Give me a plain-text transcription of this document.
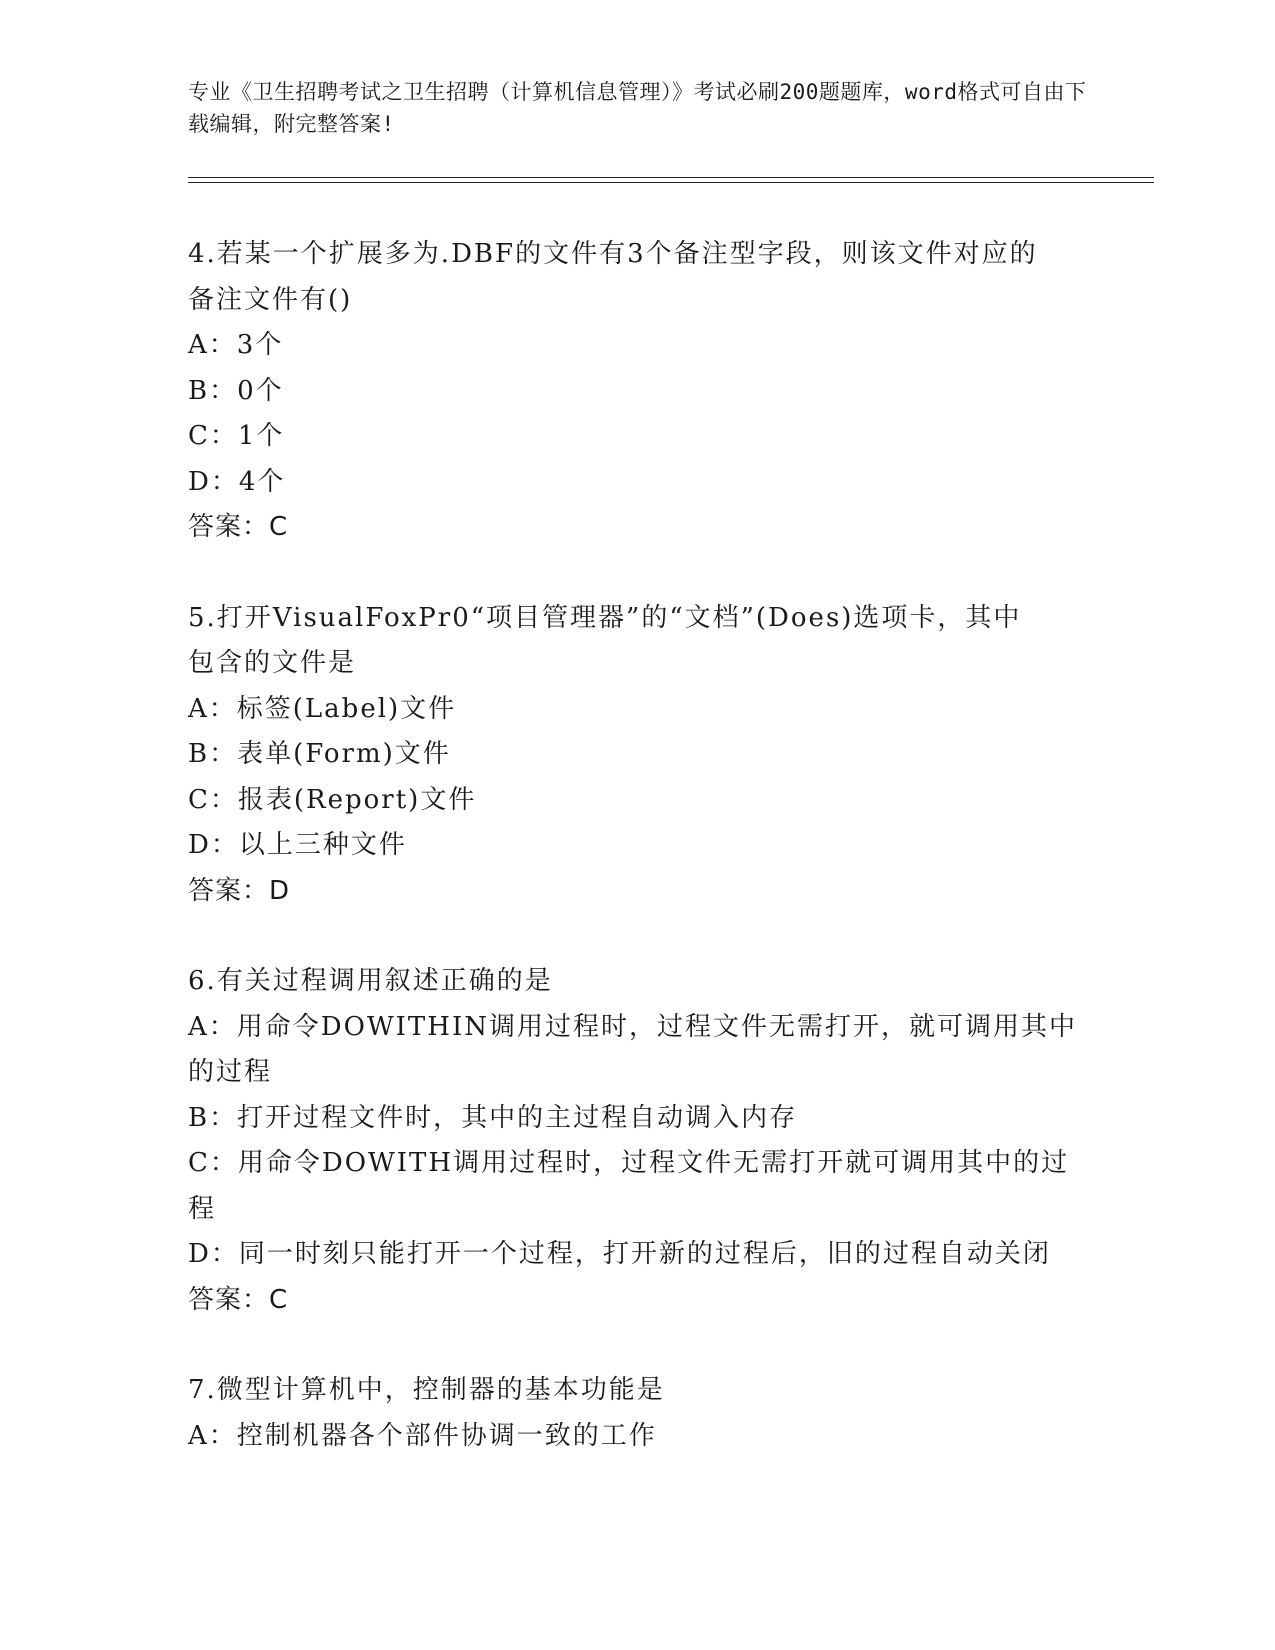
专业《卫生招聘考试之卫生招聘（计算机信息管理）》考试必刷200题题库，word格式可自由下载编辑，附完整答案!
4.若某一个扩展多为.DBF的文件有3个备注型字段，则该文件对应的
备注文件有()
A：3个
B：0个
C：1个
D：4个
答案：C
5.打开VisualFoxPr0“项目管理器”的“文档”(Does)选项卡，其中
包含的文件是
A：标签(Label)文件
B：表单(Form)文件
C：报表(Report)文件
D：以上三种文件
答案：D
6.有关过程调用叙述正确的是
A：用命令DOWITHIN调用过程时，过程文件无需打开，就可调用其中
的过程
B：打开过程文件时，其中的主过程自动调入内存
C：用命令DOWITH调用过程时，过程文件无需打开就可调用其中的过
程
D：同一时刻只能打开一个过程，打开新的过程后，旧的过程自动关闭
答案：C
7.微型计算机中，控制器的基本功能是
A：控制机器各个部件协调一致的工作
